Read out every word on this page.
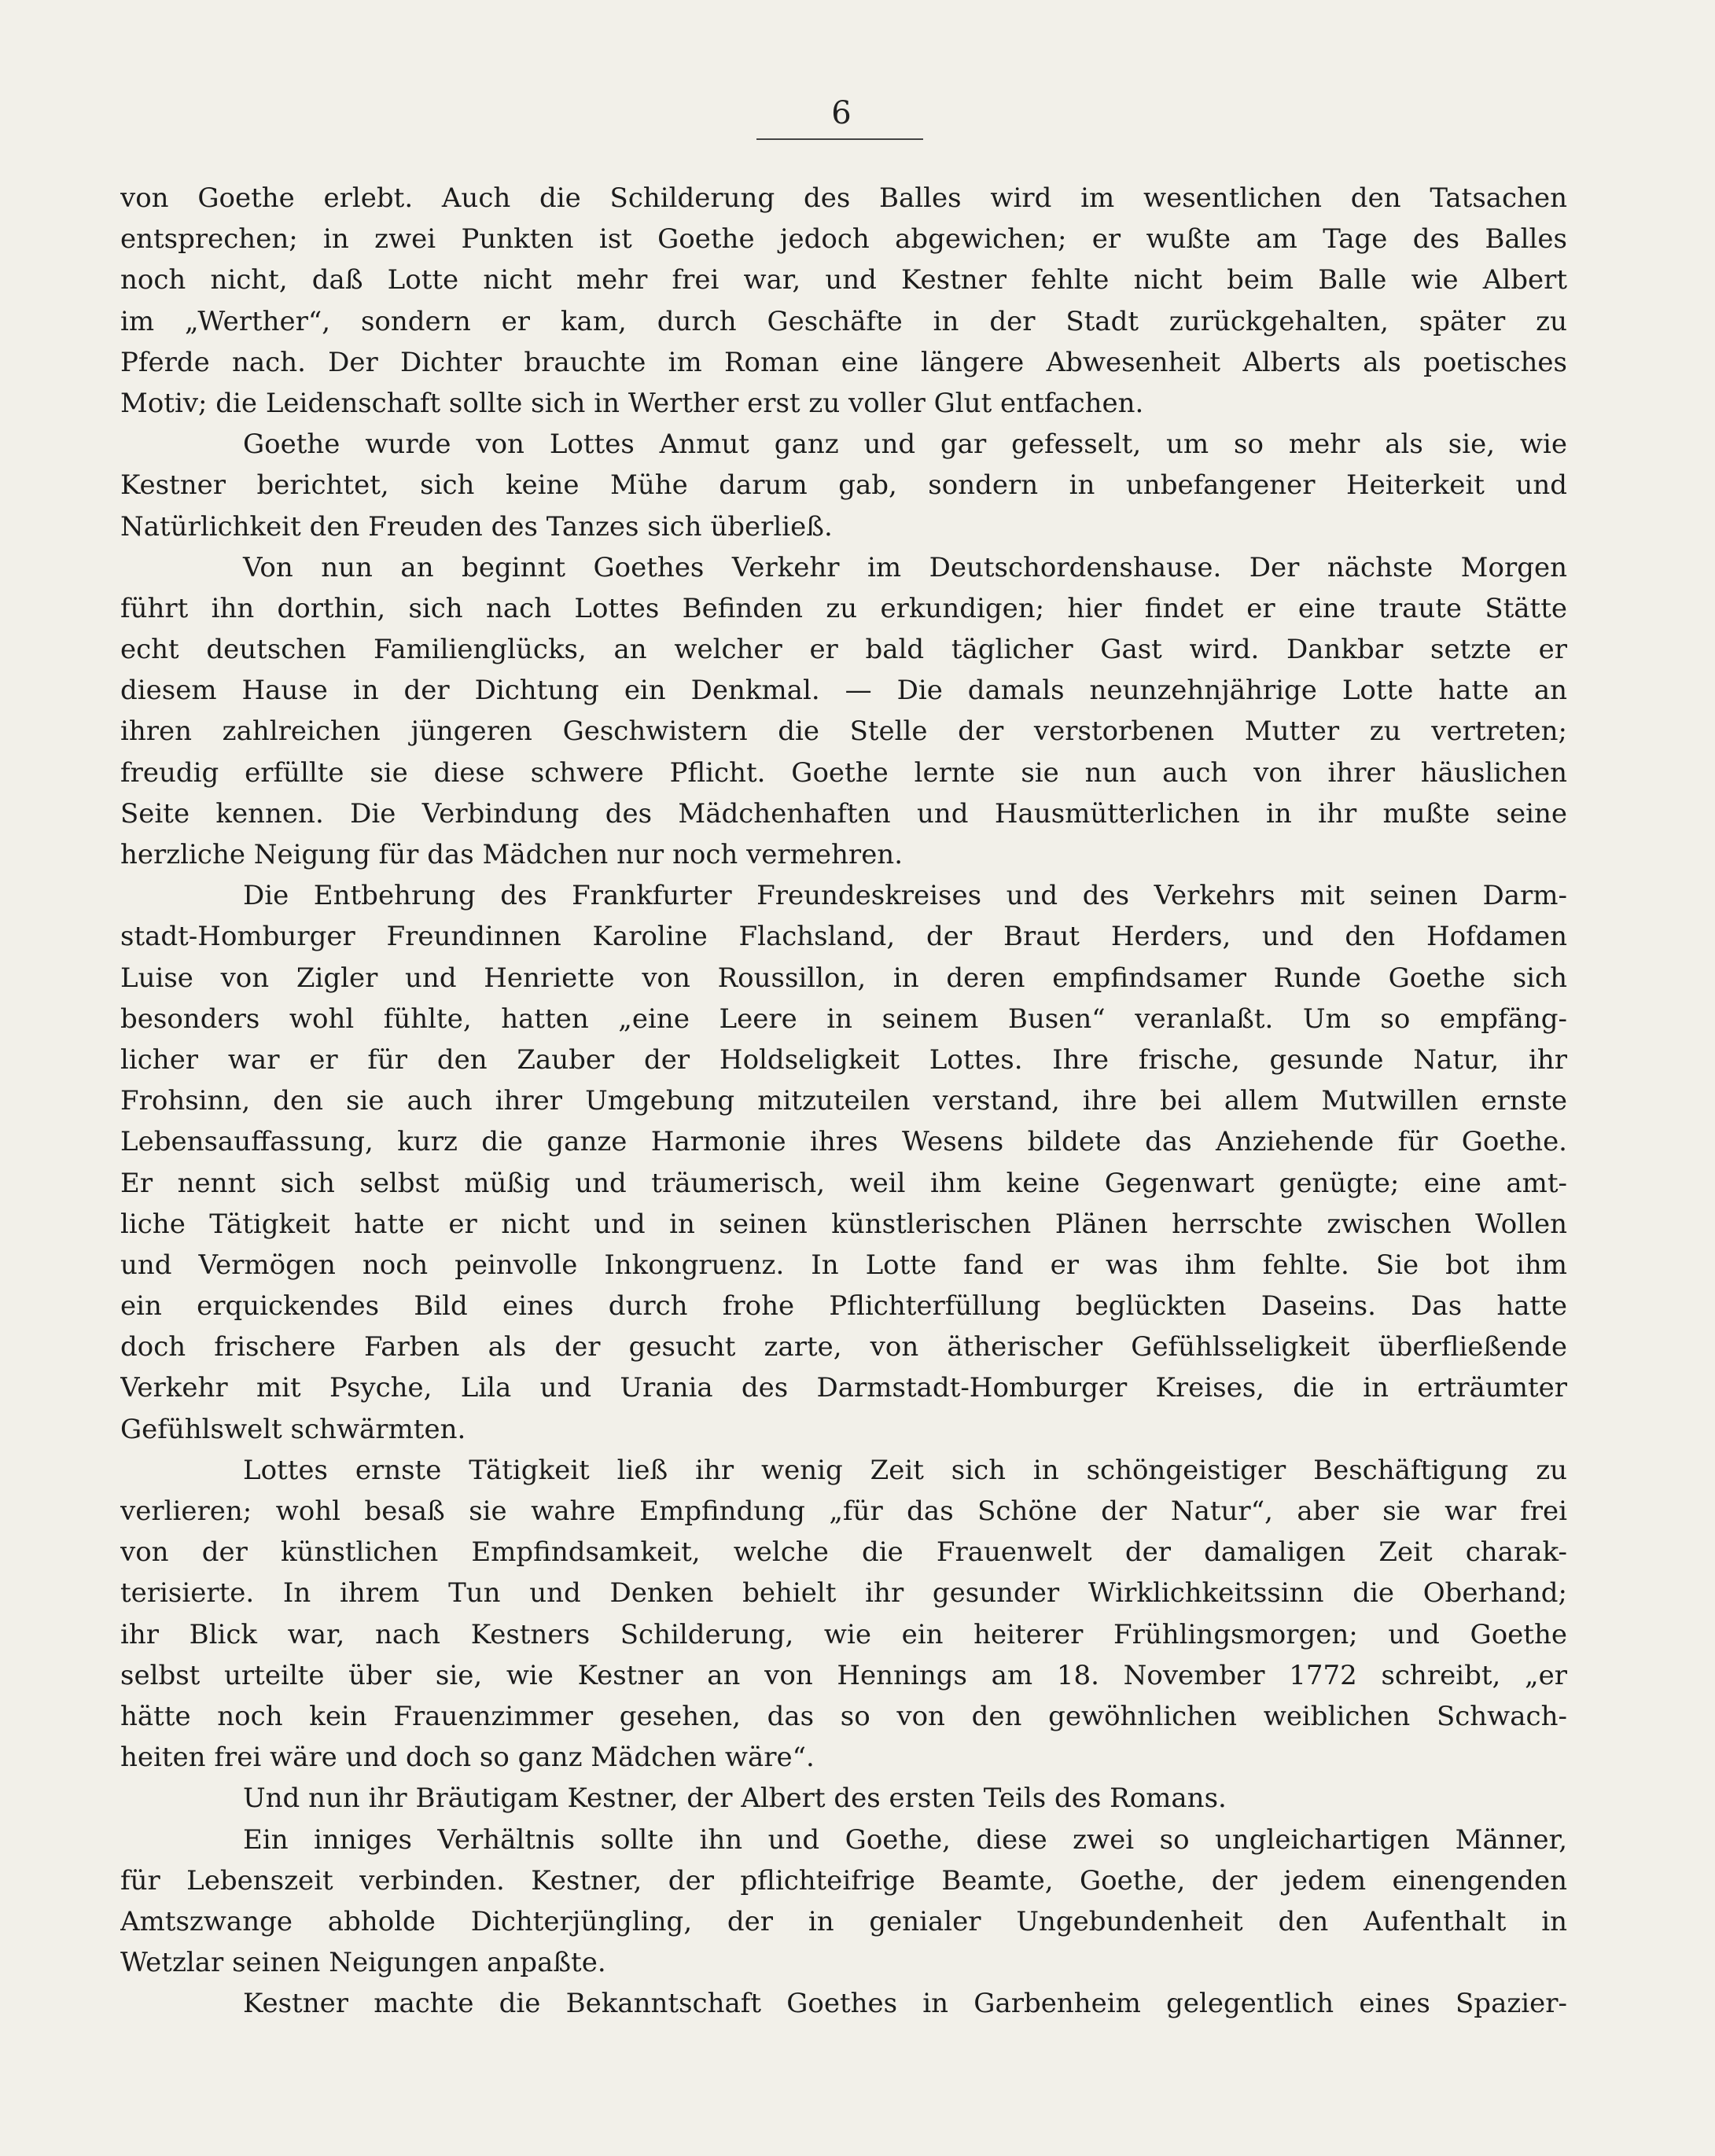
6
von Goethe erlebt. Auch die Schilderung des Balles wird im wesentlichen den Tatsachen
entsprechen; in zwei Punkten ist Goethe jedoch abgewichen; er wußte am Tage des Balles
noch nicht, daß Lotte nicht mehr frei war, und Kestner fehlte nicht beim Balle wie Albert
im „Werther“, sondern er kam, durch Geschäfte in der Stadt zurückgehalten, später zu
Pferde nach. Der Dichter brauchte im Roman eine längere Abwesenheit Alberts als poetisches
Motiv; die Leidenschaft sollte sich in Werther erst zu voller Glut entfachen.
Goethe wurde von Lottes Anmut ganz und gar gefesselt, um so mehr als sie, wie
Kestner berichtet, sich keine Mühe darum gab, sondern in unbefangener Heiterkeit und
Natürlichkeit den Freuden des Tanzes sich überließ.
Von nun an beginnt Goethes Verkehr im Deutschordenshause. Der nächste Morgen
führt ihn dorthin, sich nach Lottes Befinden zu erkundigen; hier findet er eine traute Stätte
echt deutschen Familienglücks, an welcher er bald täglicher Gast wird. Dankbar setzte er
diesem Hause in der Dichtung ein Denkmal. — Die damals neunzehnjährige Lotte hatte an
ihren zahlreichen jüngeren Geschwistern die Stelle der verstorbenen Mutter zu vertreten;
freudig erfüllte sie diese schwere Pflicht. Goethe lernte sie nun auch von ihrer häuslichen
Seite kennen. Die Verbindung des Mädchenhaften und Hausmütterlichen in ihr mußte seine
herzliche Neigung für das Mädchen nur noch vermehren.
Die Entbehrung des Frankfurter Freundeskreises und des Verkehrs mit seinen Darm-
stadt-Homburger Freundinnen Karoline Flachsland, der Braut Herders, und den Hofdamen
Luise von Zigler und Henriette von Roussillon, in deren empfindsamer Runde Goethe sich
besonders wohl fühlte, hatten „eine Leere in seinem Busen“ veranlaßt. Um so empfäng-
licher war er für den Zauber der Holdseligkeit Lottes. Ihre frische, gesunde Natur, ihr
Frohsinn, den sie auch ihrer Umgebung mitzuteilen verstand, ihre bei allem Mutwillen ernste
Lebensauffassung, kurz die ganze Harmonie ihres Wesens bildete das Anziehende für Goethe.
Er nennt sich selbst müßig und träumerisch, weil ihm keine Gegenwart genügte; eine amt-
liche Tätigkeit hatte er nicht und in seinen künstlerischen Plänen herrschte zwischen Wollen
und Vermögen noch peinvolle Inkongruenz. In Lotte fand er was ihm fehlte. Sie bot ihm
ein erquickendes Bild eines durch frohe Pflichterfüllung beglückten Daseins. Das hatte
doch frischere Farben als der gesucht zarte, von ätherischer Gefühlsseligkeit überfließende
Verkehr mit Psyche, Lila und Urania des Darmstadt-Homburger Kreises, die in erträumter
Gefühlswelt schwärmten.
Lottes ernste Tätigkeit ließ ihr wenig Zeit sich in schöngeistiger Beschäftigung zu
verlieren; wohl besaß sie wahre Empfindung „für das Schöne der Natur“, aber sie war frei
von der künstlichen Empfindsamkeit, welche die Frauenwelt der damaligen Zeit charak-
terisierte. In ihrem Tun und Denken behielt ihr gesunder Wirklichkeitssinn die Oberhand;
ihr Blick war, nach Kestners Schilderung, wie ein heiterer Frühlingsmorgen; und Goethe
selbst urteilte über sie, wie Kestner an von Hennings am 18. November 1772 schreibt, „er
hätte noch kein Frauenzimmer gesehen, das so von den gewöhnlichen weiblichen Schwach-
heiten frei wäre und doch so ganz Mädchen wäre“.
Und nun ihr Bräutigam Kestner, der Albert des ersten Teils des Romans.
Ein inniges Verhältnis sollte ihn und Goethe, diese zwei so ungleichartigen Männer,
für Lebenszeit verbinden. Kestner, der pflichteifrige Beamte, Goethe, der jedem einengenden
Amtszwange abholde Dichterjüngling, der in genialer Ungebundenheit den Aufenthalt in
Wetzlar seinen Neigungen anpaßte.
Kestner machte die Bekanntschaft Goethes in Garbenheim gelegentlich eines Spazier-
